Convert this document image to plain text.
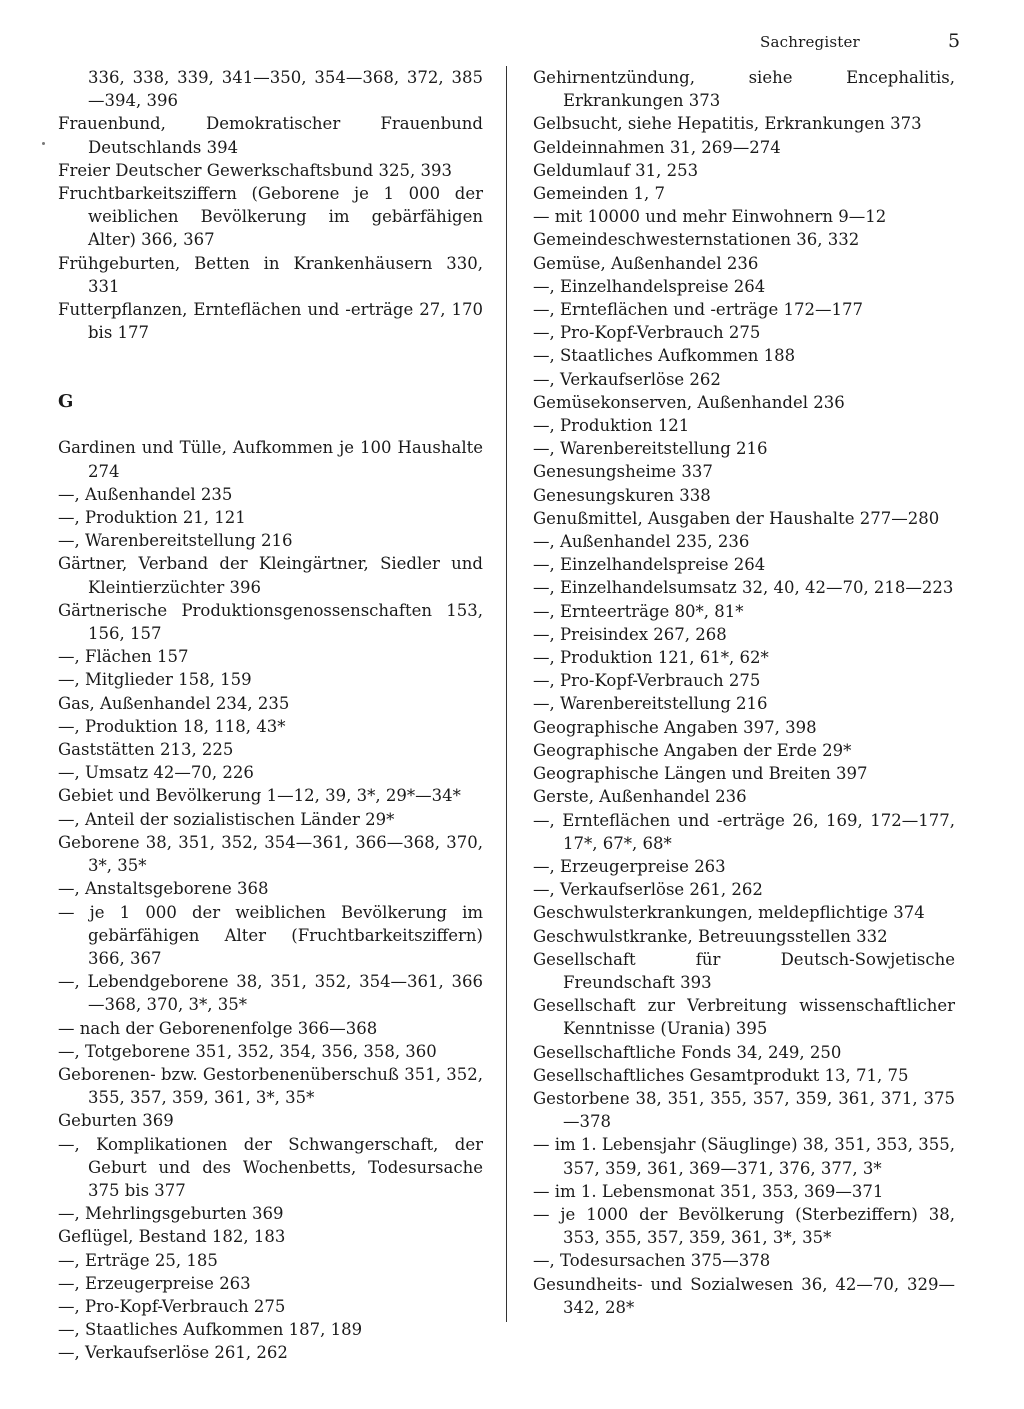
Sachregister	5
336, 338, 339, 341—350, 354—368, 372, 385—394, 396
Frauenbund, Demokratischer Frauenbund Deutschlands 394
Freier Deutscher Gewerkschaftsbund 325, 393
Fruchtbarkeitsziffern (Geborene je 1 000 der weiblichen Bevölkerung im gebärfähigen Alter) 366, 367
Frühgeburten, Betten in Krankenhäusern 330, 331
Futterpflanzen, Ernteflächen und -erträge 27, 170 bis 177
G
Gardinen und Tülle, Aufkommen je 100 Haushalte 274
—, Außenhandel 235
—, Produktion 21, 121
—, Warenbereitstellung 216
Gärtner, Verband der Kleingärtner, Siedler und Kleintierzüchter 396
Gärtnerische Produktionsgenossenschaften 153, 156, 157
—, Flächen 157
—, Mitglieder 158, 159
Gas, Außenhandel 234, 235
—, Produktion 18, 118, 43*
Gaststätten 213, 225
—, Umsatz 42—70, 226
Gebiet und Bevölkerung 1—12, 39, 3*, 29*—34*
—, Anteil der sozialistischen Länder 29*
Geborene 38, 351, 352, 354—361, 366—368, 370, 3*, 35*
—, Anstaltsgeborene 368
— je 1 000 der weiblichen Bevölkerung im gebärfähigen Alter (Fruchtbarkeitsziffern) 366, 367
—, Lebendgeborene 38, 351, 352, 354—361, 366—368, 370, 3*, 35*
— nach der Geborenenfolge 366—368
—, Totgeborene 351, 352, 354, 356, 358, 360
Geborenen- bzw. Gestorbenenüberschuß 351, 352, 355, 357, 359, 361, 3*, 35*
Geburten 369
—, Komplikationen der Schwangerschaft, der Geburt und des Wochenbetts, Todesursache 375 bis 377
—, Mehrlingsgeburten 369
Geflügel, Bestand 182, 183
—, Erträge 25, 185
—, Erzeugerpreise 263
—, Pro-Kopf-Verbrauch 275
—, Staatliches Aufkommen 187, 189
—, Verkaufserlöse 261, 262
Gehirnentzündung, siehe Encephalitis, Erkrankungen 373
Gelbsucht, siehe Hepatitis, Erkrankungen 373
Geldeinnahmen 31, 269—274
Geldumlauf 31, 253
Gemeinden 1, 7
— mit 10000 und mehr Einwohnern 9—12
Gemeindeschwesternstationen 36, 332
Gemüse, Außenhandel 236
—, Einzelhandelspreise 264
—, Ernteflächen und -erträge 172—177
—, Pro-Kopf-Verbrauch 275
—, Staatliches Aufkommen 188
—, Verkaufserlöse 262
Gemüsekonserven, Außenhandel 236
—, Produktion 121
—, Warenbereitstellung 216
Genesungsheime 337
Genesungskuren 338
Genußmittel, Ausgaben der Haushalte 277—280
—, Außenhandel 235, 236
—, Einzelhandelspreise 264
—, Einzelhandelsumsatz 32, 40, 42—70, 218—223
—, Ernteerträge 80*, 81*
—, Preisindex 267, 268
—, Produktion 121, 61*, 62*
—, Pro-Kopf-Verbrauch 275
—, Warenbereitstellung 216
Geographische Angaben 397, 398
Geographische Angaben der Erde 29*
Geographische Längen und Breiten 397
Gerste, Außenhandel 236
—, Ernteflächen und -erträge 26, 169, 172—177, 17*, 67*, 68*
—, Erzeugerpreise 263
—, Verkaufserlöse 261, 262
Geschwulsterkrankungen, meldepflichtige 374
Geschwulstkranke, Betreuungsstellen 332
Gesellschaft für Deutsch-Sowjetische Freundschaft 393
Gesellschaft zur Verbreitung wissenschaftlicher Kenntnisse (Urania) 395
Gesellschaftliche Fonds 34, 249, 250
Gesellschaftliches Gesamtprodukt 13, 71, 75
Gestorbene 38, 351, 355, 357, 359, 361, 371, 375—378
— im 1. Lebensjahr (Säuglinge) 38, 351, 353, 355, 357, 359, 361, 369—371, 376, 377, 3*
— im 1. Lebensmonat 351, 353, 369—371
— je 1000 der Bevölkerung (Sterbeziffern) 38, 353, 355, 357, 359, 361, 3*, 35*
—, Todesursachen 375—378
Gesundheits- und Sozialwesen 36, 42—70, 329—342, 28*
